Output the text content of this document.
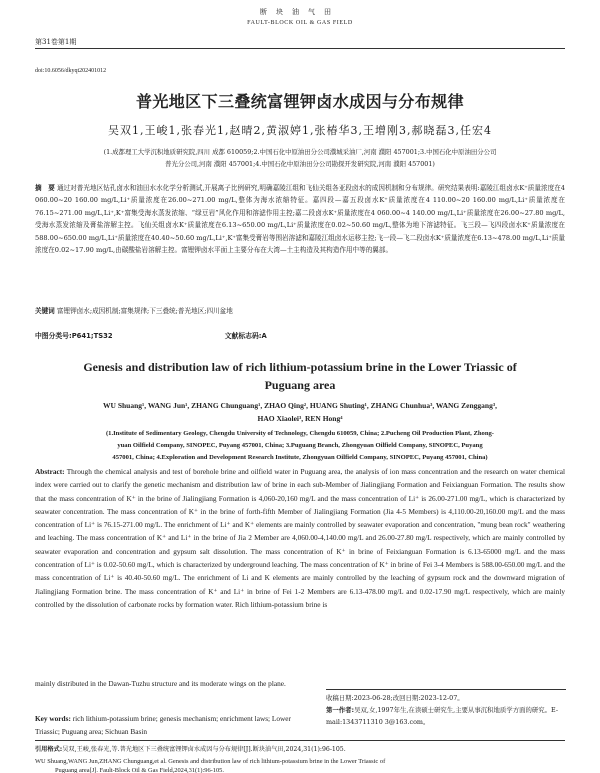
断块油气田
FAULT-BLOCK OIL & GAS FIELD
第31卷第1期
doi:10.6056/dkyqt202401012
普光地区下三叠统富锂钾卤水成因与分布规律
吴双1,王峻1,张春光1,赵晴2,黄淑婷1,张椿华3,王增刚3,郝晓磊3,任宏4
(1.成都理工大学沉积地质研究院,四川 成都 610059;2.中国石化中原油田分公司濮城采油厂,河南 濮阳 457001;3.中国石化中原油田分公司
普光分公司,河南 濮阳 457001;4.中国石化中原油田分公司勘探开发研究院,河南 濮阳 457001)
摘　要 通过对普光地区钻孔卤水和油田水水化学分析测试,开展离子比例研究,明确嘉陵江组和飞仙关组各亚段卤水的成因机制和分布规律。研究结果表明:嘉陵江组卤水K⁺质量浓度在4 060.00~20 160.00 mg/L,Li⁺质量浓度在26.00~271.00 mg/L,整体为海水浓缩特征。嘉四段—嘉五段卤水K⁺质量浓度在4 110.00~20 160.00 mg/L,Li⁺质量浓度在76.15~271.00 mg/L,Li⁺,K⁺富集受海水蒸发浓缩、“绿豆岩”风化作用和溶滤作用主控;嘉二段卤水K⁺质量浓度在4 060.00~4 140.00 mg/L,Li⁺质量浓度在26.00~27.80 mg/L,受海水蒸发浓缩及膏盐溶解主控。飞仙关组卤水K⁺质量浓度在6.13~650.00 mg/L,Li⁺质量浓度在0.02~50.60 mg/L,整体为地下溶滤特征。飞三段—飞四段卤水K⁺质量浓度在588.00~650.00 mg/L,Li⁺质量浓度在40.40~50.60 mg/L,Li⁺,K⁺富集受膏岩等围岩溶滤和嘉陵江组卤水运移主控;飞一段—飞二段卤水K⁺质量浓度在6.13~478.00 mg/L,Li⁺质量浓度在0.02~17.90 mg/L,由碳酸盐岩溶解主控。富锂钾卤水平面上主要分布在大湾—土主构造及其构造作用中等的翼部。
关键词 富锂钾卤水;成因机制;富集规律;下三叠统;普光地区;四川盆地
中图分类号:P641;TS32	文献标志码:A
Genesis and distribution law of rich lithium-potassium brine in the Lower Triassic of Puguang area
WU Shuang¹, WANG Jun¹, ZHANG Chunguang¹, ZHAO Qing², HUANG Shuting¹, ZHANG Chunhua³, WANG Zenggang³,
HAO Xiaolei³, REN Hong⁴
(1.Institute of Sedimentary Geology, Chengdu University of Technology, Chengdu 610059, China; 2.Pucheng Oil Production Plant, Zhong-
yuan Oilfield Company, SINOPEC, Puyang 457001, China; 3.Puguang Branch, Zhongyuan Oilfield Company, SINOPEC, Puyang
457001, China; 4.Exploration and Development Research Institute, Zhongyuan Oilfield Company, SINOPEC, Puyang 457001, China)
Abstract: Through the chemical analysis and test of borehole brine and oilfield water in Puguang area, the analysis of ion mass concentration and the research on water chemical index were carried out to clarify the genetic mechanism and distribution law of brine in each sub-Member of Jialingjiang Formation and Feixianguan Formation. The results show that the mass concentration of K⁺ in the brine of Jialingjiang Formation is 4,060-20,160 mg/L and the mass concentration of Li⁺ is 26.00-271.00 mg/L, which is characterized by seawater concentration. The mass concentration of K⁺ in the brine of forth-fifth Member of Jialingjiang Formation (Jia 4-5 Members) is 4,110.00-20,160.00 mg/L and the mass concentration of Li⁺ is 76.15-271.00 mg/L. The enrichment of Li⁺ and K⁺ elements are mainly controlled by seawater evaporation and concentration, "mung bean rock" weathering and leaching. The mass concentration of K⁺ and Li⁺ in the brine of Jia 2 Member are 4,060.00-4,140.00 mg/L and 26.00-27.80 mg/L respectively, which are mainly controlled by seawater evaporation and concentration and gypsum salt dissolution. The mass concentration of K⁺ in brine of Feixianguan Formation is 6.13-65000 mg/L and the mass concentration of Li⁺ is 0.02-50.60 mg/L, which is characterized by underground leaching. The mass concentration of K⁺ in brine of Fei 3-4 Members is 588.00-650.00 mg/L and the mass concentration of Li⁺ is 40.40-50.60 mg/L. The enrichment of Li and K elements are mainly controlled by the leaching of gypsum rock and the downward migration of Jialingjiang Formation brine. The mass concentration of K⁺ and Li⁺ in brine of Fei 1-2 Members are 6.13-478.00 mg/L and 0.02-17.90 mg/L respectively, which are mainly controlled by the dissolution of carbonate rocks by formation water. Rich lithium-potassium brine is
mainly distributed in the Dawan-Tuzhu structure and its moderate wings on the plane.
Key words: rich lithium-potassium brine; genesis mechanism; enrichment laws; Lower Triassic; Puguang area; Sichuan Basin
收稿日期:2023-06-28;改回日期:2023-12-07。
第一作者:吴双,女,1997年生,在读硕士研究生,主要从事沉积地质学方面的研究。E-mail:1343711310 3@163.com。
引用格式:吴双,王峻,张春光,等.普光地区下三叠统富锂钾卤水成因与分布规律[J].断块油气田,2024,31(1):96-105.
WU Shuang,WANG Jun,ZHANG Chunguang,et al. Genesis and distribution law of rich lithium-potassium brine in the Lower Triassic of
Puguang area[J]. Fault-Block Oil & Gas Field,2024,31(1):96-105.
